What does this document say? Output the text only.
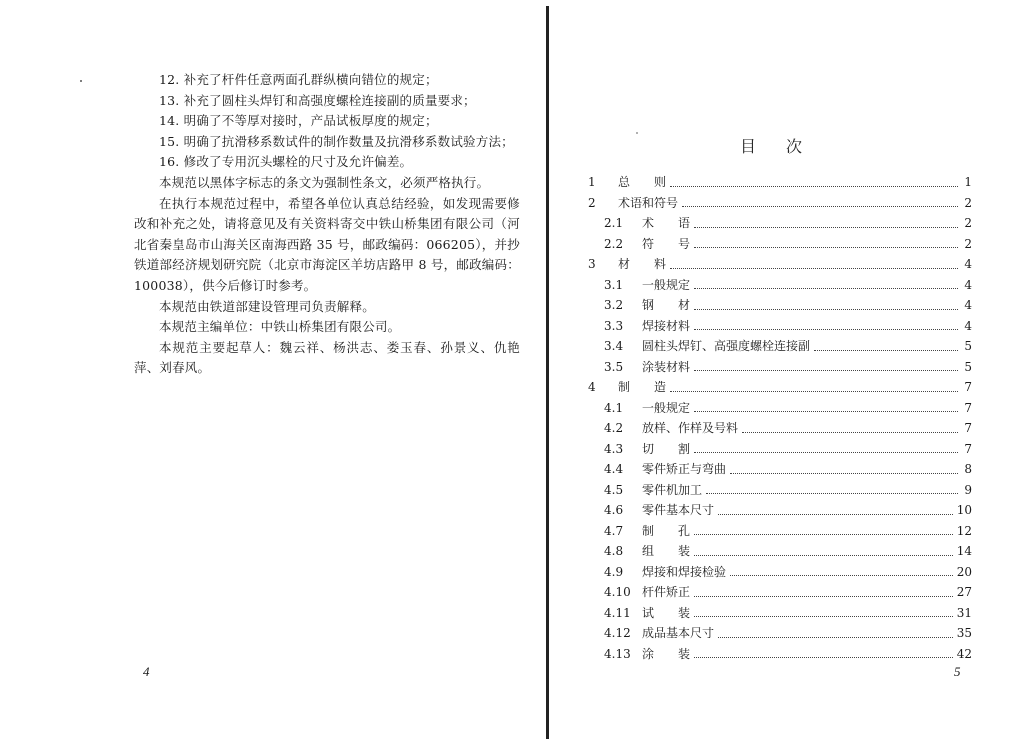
12. 补充了杆件任意两面孔群纵横向错位的规定；

13. 补充了圆柱头焊钉和高强度螺栓连接副的质量要求；

14. 明确了不等厚对接时，产品试板厚度的规定；

15. 明确了抗滑移系数试件的制作数量及抗滑移系数试验方法；

16. 修改了专用沉头螺栓的尺寸及允许偏差。

本规范以黑体字标志的条文为强制性条文，必须严格执行。

在执行本规范过程中，希望各单位认真总结经验，如发现需要修改和补充之处，请将意见及有关资料寄交中铁山桥集团有限公司（河北省秦皇岛市山海关区南海西路 35 号，邮政编码：066205），并抄铁道部经济规划研究院（北京市海淀区羊坊店路甲 8 号，邮政编码：100038），供今后修订时参考。

本规范由铁道部建设管理司负责解释。

本规范主编单位：中铁山桥集团有限公司。

本规范主要起草人：魏云祥、杨洪志、娄玉春、孙景义、仇艳萍、刘春风。

4
目次
1	总　　则	1
2	术语和符号	2
2.1	术　　语	2
2.2	符　　号	2
3	材　　料	4
3.1	一般规定	4
3.2	钢　　材	4
3.3	焊接材料	4
3.4	圆柱头焊钉、高强度螺栓连接副	5
3.5	涂装材料	5
4	制　　造	7
4.1	一般规定	7
4.2	放样、作样及号料	7
4.3	切　　割	7
4.4	零件矫正与弯曲	8
4.5	零件机加工	9
4.6	零件基本尺寸	10
4.7	制　　孔	12
4.8	组　　装	14
4.9	焊接和焊接检验	20
4.10 杆件矫正	27
4.11 试　　装	31
4.12 成品基本尺寸	35
4.13 涂　　装	42
5
